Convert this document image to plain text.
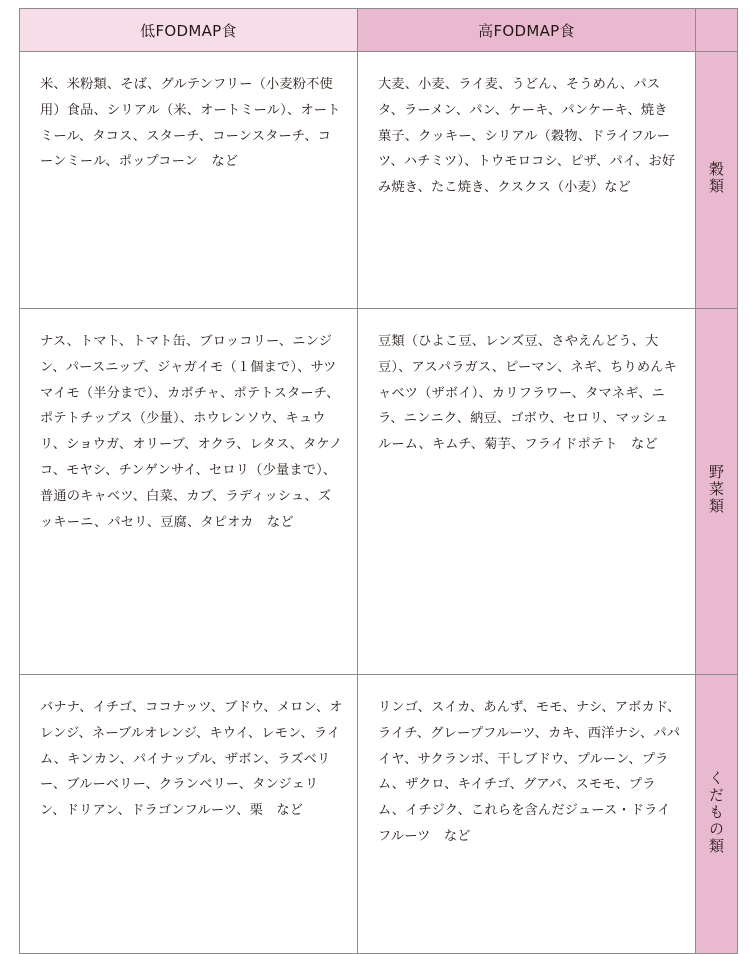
低FODMAP食	高FODMAP食	
米、米粉類、そば、グルテンフリー（小麦粉不使用）食品、シリアル（米、オートミール）、オートミール、タコス、スターチ、コーンスターチ、コーンミール、ポップコーン　など	大麦、小麦、ライ麦、うどん、そうめん、パスタ、ラーメン、パン、ケーキ、パンケーキ、焼き菓子、クッキー、シリアル（穀物、ドライフルーツ、ハチミツ）、トウモロコシ、ピザ、パイ、お好み焼き、たこ焼き、クスクス（小麦）など	穀類
ナス、トマト、トマト缶、ブロッコリー、ニンジン、パースニップ、ジャガイモ（１個まで）、サツマイモ（半分まで）、カボチャ、ポテトスターチ、ポテトチップス（少量）、ホウレンソウ、キュウリ、ショウガ、オリーブ、オクラ、レタス、タケノコ、モヤシ、チンゲンサイ、セロリ（少量まで）、普通のキャベツ、白菜、カブ、ラディッシュ、ズッキーニ、パセリ、豆腐、タピオカ　など	豆類（ひよこ豆、レンズ豆、さやえんどう、大豆）、アスパラガス、ピーマン、ネギ、ちりめんキャベツ（ザボイ）、カリフラワー、タマネギ、ニラ、ニンニク、納豆、ゴボウ、セロリ、マッシュルーム、キムチ、菊芋、フライドポテト　など	野菜類
バナナ、イチゴ、ココナッツ、ブドウ、メロン、オレンジ、ネーブルオレンジ、キウイ、レモン、ライム、キンカン、パイナップル、ザボン、ラズベリー、ブルーベリー、クランベリー、タンジェリン、ドリアン、ドラゴンフルーツ、栗　など	リンゴ、スイカ、あんず、モモ、ナシ、アボカド、ライチ、グレープフルーツ、カキ、西洋ナシ、パパイヤ、サクランボ、干しブドウ、プルーン、プラム、ザクロ、キイチゴ、グアバ、スモモ、プラム、イチジク、これらを含んだジュース・ドライフルーツ　など	くだもの類
